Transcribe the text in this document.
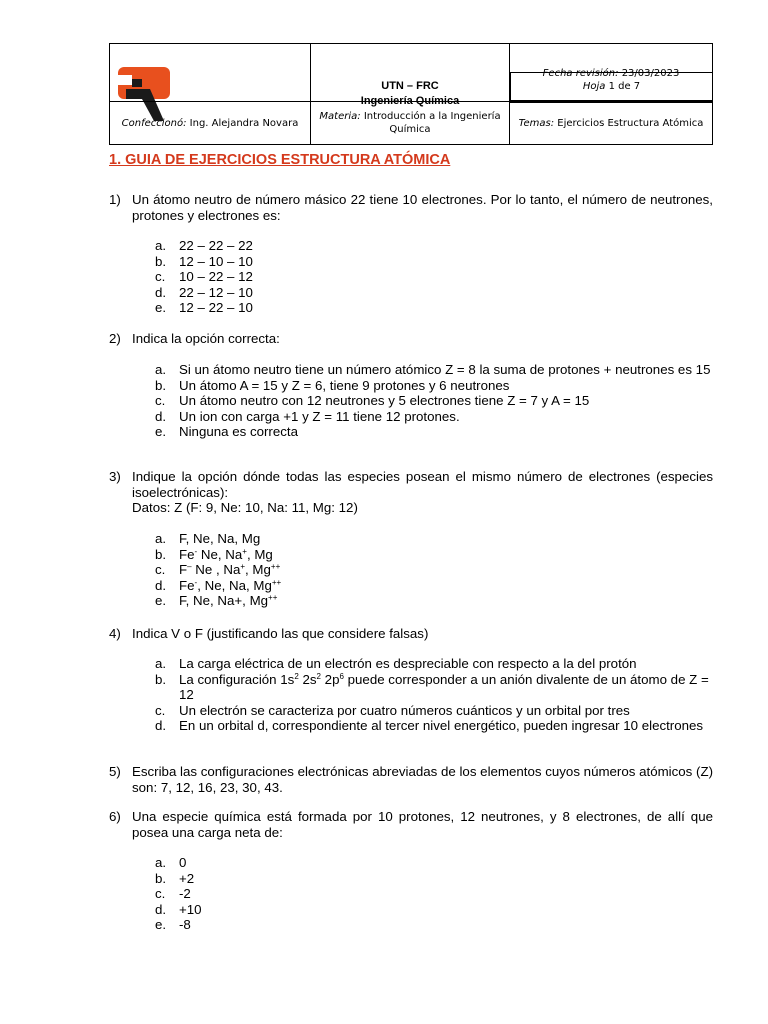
UTN – FRC
Ingeniería Química
	Fecha revisión: 23/03/2023

Hoja 1 de 7
Confeccionó: Ing. Alejandra Novara	Materia: Introducción a la Ingeniería Química	Temas: Ejercicios Estructura Atómica
1. GUIA DE EJERCICIOS ESTRUCTURA ATÓMICA
1) Un átomo neutro de número másico 22 tiene 10 electrones. Por lo tanto, el número de neutrones, protones y electrones es:
a. 22 – 22 – 22
b. 12 – 10 – 10
c. 10 – 22 – 12
d. 22 – 12 – 10
e. 12 – 22 – 10
2) Indica la opción correcta:
a. Si un átomo neutro tiene un número atómico Z = 8 la suma de protones + neutrones es 15
b. Un átomo A = 15 y Z = 6, tiene 9 protones y 6 neutrones
c. Un átomo neutro con 12 neutrones y 5 electrones tiene Z = 7 y A = 15
d. Un ion con carga +1 y Z = 11 tiene 12 protones.
e. Ninguna es correcta
3) Indique la opción dónde todas las especies posean el mismo número de electrones (especies isoelectrónicas):
Datos: Z (F: 9, Ne: 10, Na: 11, Mg: 12)
a. F, Ne, Na, Mg
b. Fe- Ne, Na+, Mg
c. F– Ne , Na+, Mg++
d. Fe-, Ne, Na, Mg++
e. F, Ne, Na+, Mg++
4) Indica V o F (justificando las que considere falsas)
a. La carga eléctrica de un electrón es despreciable con respecto a la del protón
b. La configuración $1s^2$ $2s^2$ $2p^6$ puede corresponder a un anión divalente de un átomo de Z = 12
c. Un electrón se caracteriza por cuatro números cuánticos y un orbital por tres
d. En un orbital d, correspondiente al tercer nivel energético, pueden ingresar 10 electrones
5) Escriba las configuraciones electrónicas abreviadas de los elementos cuyos números atómicos (Z) son: 7, 12, 16, 23, 30, 43.
6) Una especie química está formada por 10 protones, 12 neutrones, y 8 electrones, de allí que posea una carga neta de:
a. 0
b. +2
c. -2
d. +10
e. -8
